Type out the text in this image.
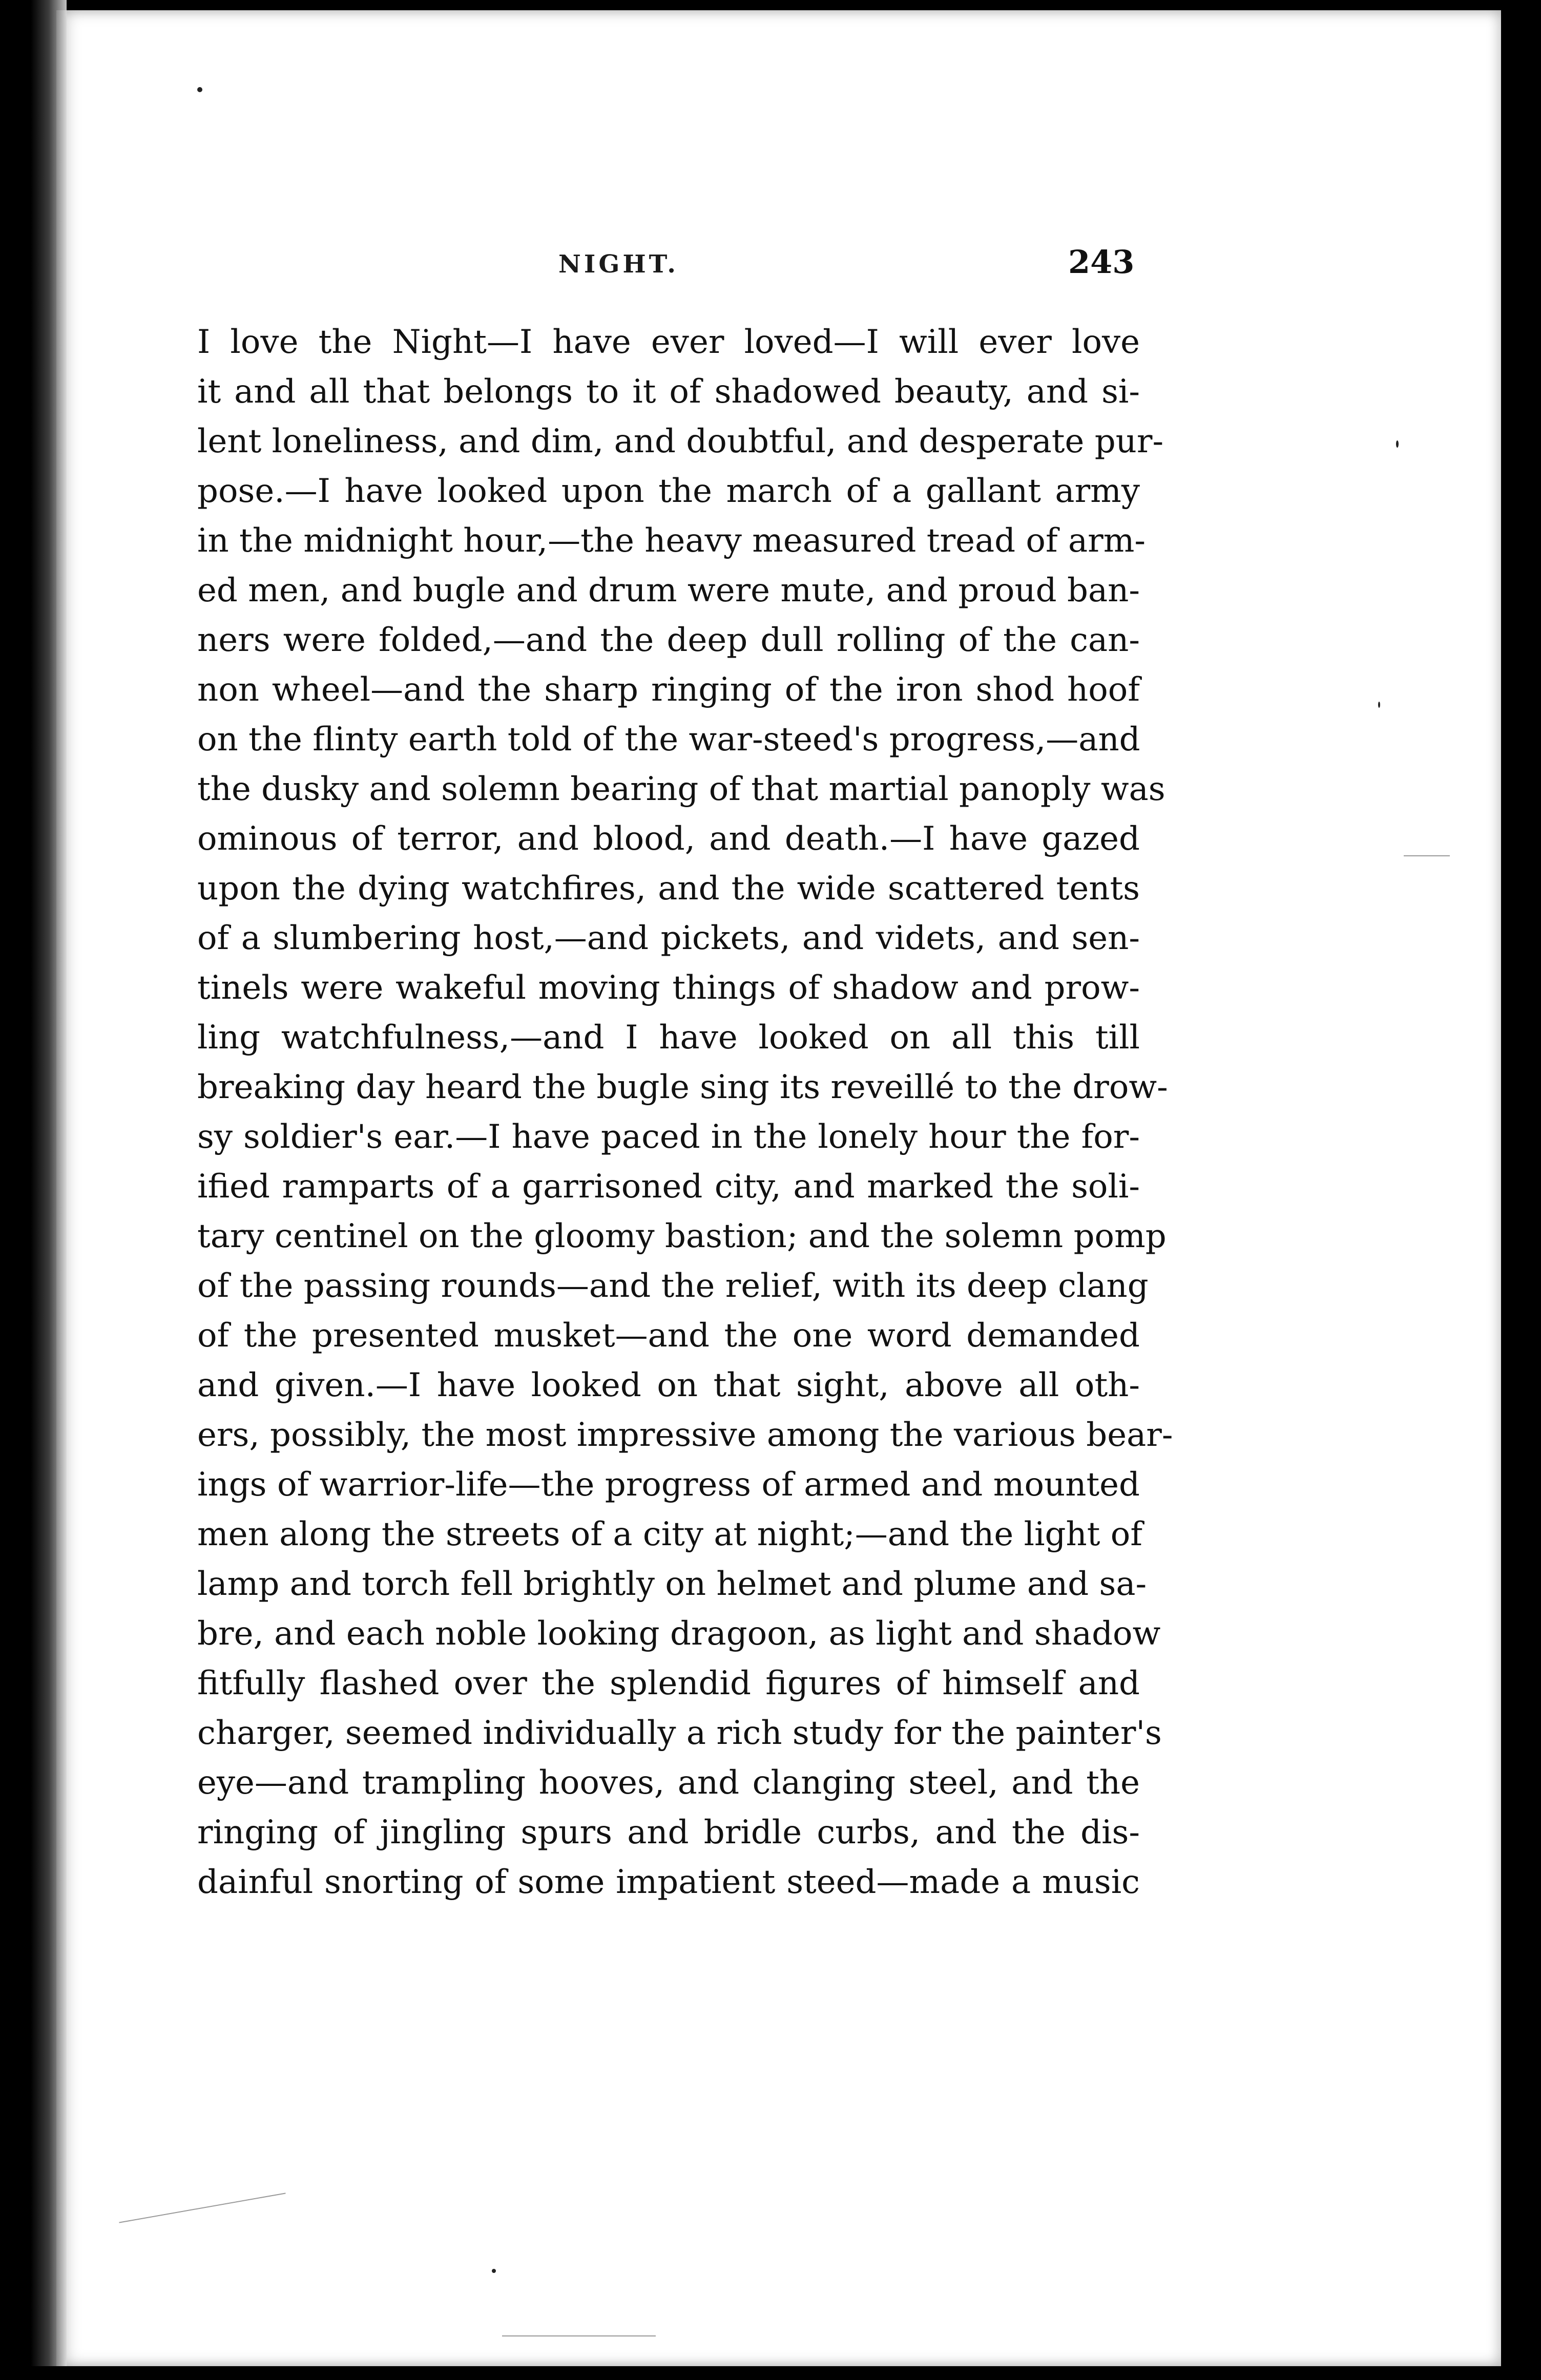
NIGHT.	243
I love the Night—I have ever loved—I will ever love
it and all that belongs to it of shadowed beauty, and si-
lent loneliness, and dim, and doubtful, and desperate pur-
pose.—I have looked upon the march of a gallant army
in the midnight hour,—the heavy measured tread of arm-
ed men, and bugle and drum were mute, and proud ban-
ners were folded,—and the deep dull rolling of the can-
non wheel—and the sharp ringing of the iron shod hoof
on the flinty earth told of the war-steed's progress,—and
the dusky and solemn bearing of that martial panoply was
ominous of terror, and blood, and death.—I have gazed
upon the dying watchfires, and the wide scattered tents
of a slumbering host,—and pickets, and videts, and sen-
tinels were wakeful moving things of shadow and prow-
ling watchfulness,—and I have looked on all this till
breaking day heard the bugle sing its reveillé to the drow-
sy soldier's ear.—I have paced in the lonely hour the for-
ified ramparts of a garrisoned city, and marked the soli-
tary centinel on the gloomy bastion; and the solemn pomp
of the passing rounds—and the relief, with its deep clang
of the presented musket—and the one word demanded
and given.—I have looked on that sight, above all oth-
ers, possibly, the most impressive among the various bear-
ings of warrior-life—the progress of armed and mounted
men along the streets of a city at night;—and the light of
lamp and torch fell brightly on helmet and plume and sa-
bre, and each noble looking dragoon, as light and shadow
fitfully flashed over the splendid figures of himself and
charger, seemed individually a rich study for the painter's
eye—and trampling hooves, and clanging steel, and the
ringing of jingling spurs and bridle curbs, and the dis-
dainful snorting of some impatient steed—made a music
